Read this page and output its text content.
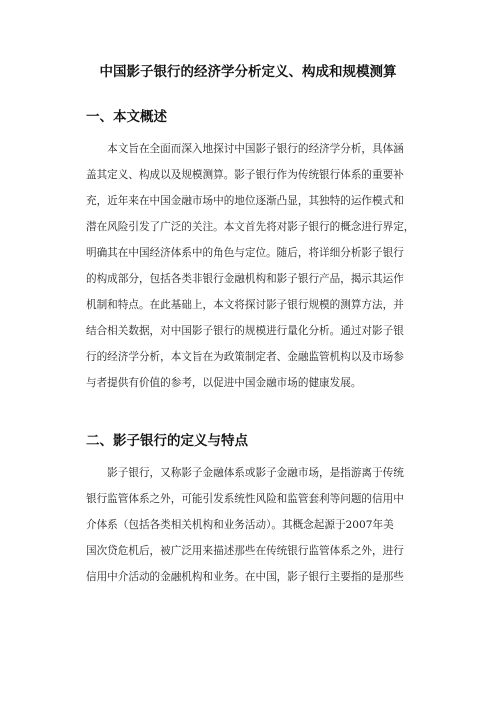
中国影子银行的经济学分析定义、构成和规模测算
一、本文概述

　　本文旨在全面而深入地探讨中国影子银行的经济学分析，具体涵
盖其定义、构成以及规模测算。影子银行作为传统银行体系的重要补
充，近年来在中国金融市场中的地位逐渐凸显，其独特的运作模式和
潜在风险引发了广泛的关注。本文首先将对影子银行的概念进行界定，
明确其在中国经济体系中的角色与定位。随后，将详细分析影子银行
的构成部分，包括各类非银行金融机构和影子银行产品，揭示其运作
机制和特点。在此基础上，本文将探讨影子银行规模的测算方法，并
结合相关数据，对中国影子银行的规模进行量化分析。通过对影子银
行的经济学分析，本文旨在为政策制定者、金融监管机构以及市场参
与者提供有价值的参考，以促进中国金融市场的健康发展。

二、影子银行的定义与特点

　　影子银行，又称影子金融体系或影子金融市场，是指游离于传统
银行监管体系之外，可能引发系统性风险和监管套利等问题的信用中
介体系（包括各类相关机构和业务活动）。其概念起源于2007年美
国次贷危机后，被广泛用来描述那些在传统银行监管体系之外，进行
信用中介活动的金融机构和业务。在中国，影子银行主要指的是那些
